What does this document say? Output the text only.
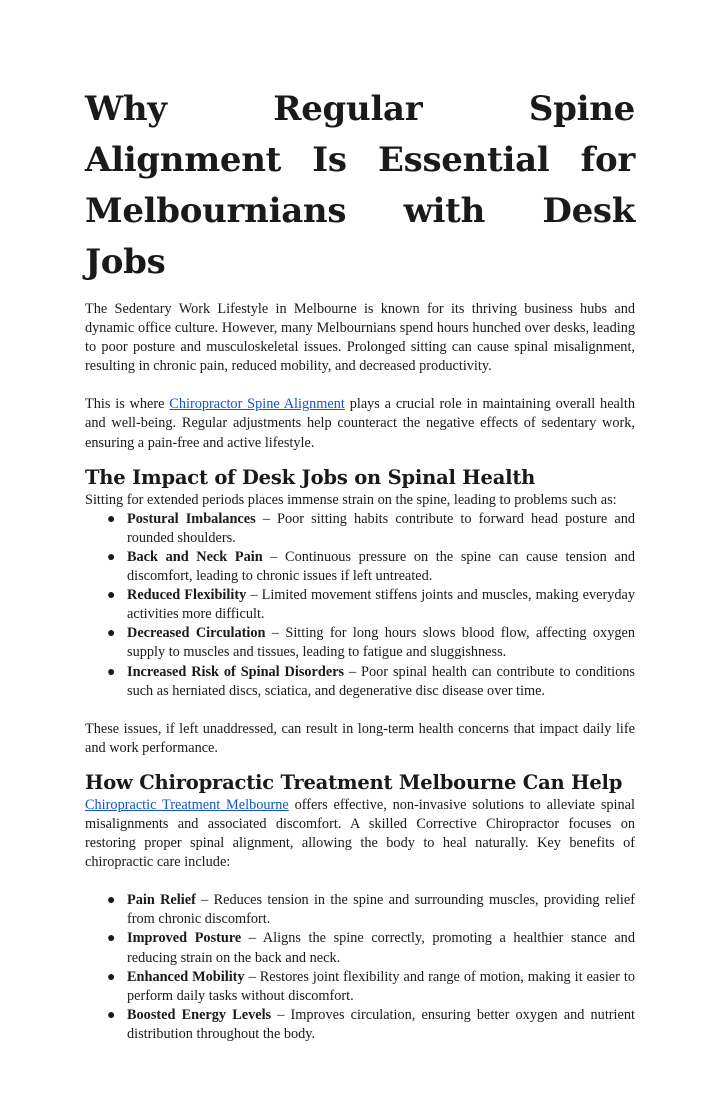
Why Regular Spine Alignment Is Essential for Melbournians with Desk Jobs

The Sedentary Work Lifestyle in Melbourne is known for its thriving business hubs and dynamic office culture. However, many Melbournians spend hours hunched over desks, leading to poor posture and musculoskeletal issues. Prolonged sitting can cause spinal misalignment, resulting in chronic pain, reduced mobility, and decreased productivity.

This is where Chiropractor Spine Alignment plays a crucial role in maintaining overall health and well-being. Regular adjustments help counteract the negative effects of sedentary work, ensuring a pain-free and active lifestyle.

The Impact of Desk Jobs on Spinal Health

Sitting for extended periods places immense strain on the spine, leading to problems such as:

● Postural Imbalances – Poor sitting habits contribute to forward head posture and rounded shoulders.
● Back and Neck Pain – Continuous pressure on the spine can cause tension and discomfort, leading to chronic issues if left untreated.
● Reduced Flexibility – Limited movement stiffens joints and muscles, making everyday activities more difficult.
● Decreased Circulation – Sitting for long hours slows blood flow, affecting oxygen supply to muscles and tissues, leading to fatigue and sluggishness.
● Increased Risk of Spinal Disorders – Poor spinal health can contribute to conditions such as herniated discs, sciatica, and degenerative disc disease over time.

These issues, if left unaddressed, can result in long-term health concerns that impact daily life and work performance.

How Chiropractic Treatment Melbourne Can Help

Chiropractic Treatment Melbourne offers effective, non-invasive solutions to alleviate spinal misalignments and associated discomfort. A skilled Corrective Chiropractor focuses on restoring proper spinal alignment, allowing the body to heal naturally. Key benefits of chiropractic care include:

● Pain Relief – Reduces tension in the spine and surrounding muscles, providing relief from chronic discomfort.
● Improved Posture – Aligns the spine correctly, promoting a healthier stance and reducing strain on the back and neck.
● Enhanced Mobility – Restores joint flexibility and range of motion, making it easier to perform daily tasks without discomfort.
● Boosted Energy Levels – Improves circulation, ensuring better oxygen and nutrient distribution throughout the body.
